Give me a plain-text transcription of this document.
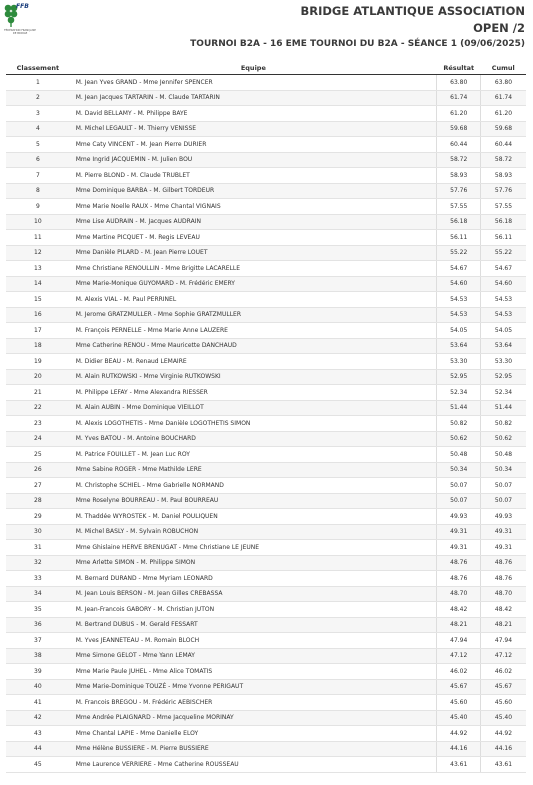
FFB
FÉDÉRATION FRANÇAISE DE BRIDGE
BRIDGE ATLANTIQUE ASSOCIATION
OPEN /2
TOURNOI B2A - 16 EME TOURNOI DU B2A - SÉANCE 1 (09/06/2025)
Classement	Equipe	Résultat	Cumul
1	M. Jean Yves GRAND - Mme Jennifer SPENCER	63.80	63.80
2	M. Jean Jacques TARTARIN - M. Claude TARTARIN	61.74	61.74
3	M. David BELLAMY - M. Philippe BAYE	61.20	61.20
4	M. Michel LEGAULT - M. Thierry VENISSE	59.68	59.68
5	Mme Caty VINCENT - M. Jean Pierre DURIER	60.44	60.44
6	Mme Ingrid JACQUEMIN - M. Julien BOU	58.72	58.72
7	M. Pierre BLOND - M. Claude TRUBLET	58.93	58.93
8	Mme Dominique BARBA - M. Gilbert TORDEUR	57.76	57.76
9	Mme Marie Noelle RAUX - Mme Chantal VIGNAIS	57.55	57.55
10	Mme Lise AUDRAIN - M. Jacques AUDRAIN	56.18	56.18
11	Mme Martine PICQUET - M. Regis LEVEAU	56.11	56.11
12	Mme Danièle PILARD - M. Jean Pierre LOUET	55.22	55.22
13	Mme Christiane RENOULLIN - Mme Brigitte LACARELLE	54.67	54.67
14	Mme Marie-Monique GUYOMARD - M. Frédéric EMERY	54.60	54.60
15	M. Alexis VIAL - M. Paul PERRINEL	54.53	54.53
16	M. Jerome GRATZMULLER - Mme Sophie GRATZMULLER	54.53	54.53
17	M. François PERNELLE - Mme Marie Anne LAUZERE	54.05	54.05
18	Mme Catherine RENOU - Mme Mauricette DANCHAUD	53.64	53.64
19	M. Didier BEAU - M. Renaud LEMAIRE	53.30	53.30
20	M. Alain RUTKOWSKI - Mme Virginie RUTKOWSKI	52.95	52.95
21	M. Philippe LEFAY - Mme Alexandra RIESSER	52.34	52.34
22	M. Alain AUBIN - Mme Dominique VIEILLOT	51.44	51.44
23	M. Alexis LOGOTHETIS - Mme Danièle LOGOTHETIS SIMON	50.82	50.82
24	M. Yves BATOU - M. Antoine BOUCHARD	50.62	50.62
25	M. Patrice FOUILLET - M. Jean Luc ROY	50.48	50.48
26	Mme Sabine ROGER - Mme Mathilde LERE	50.34	50.34
27	M. Christophe SCHIEL - Mme Gabrielle NORMAND	50.07	50.07
28	Mme Roselyne BOURREAU - M. Paul BOURREAU	50.07	50.07
29	M. Thaddée WYROSTEK - M. Daniel POULIQUEN	49.93	49.93
30	M. Michel BASLY - M. Sylvain ROBUCHON	49.31	49.31
31	Mme Ghislaine HERVE BRENUGAT - Mme Christiane LE JEUNE	49.31	49.31
32	Mme Arlette SIMON - M. Philippe SIMON	48.76	48.76
33	M. Bernard DURAND - Mme Myriam LEONARD	48.76	48.76
34	M. Jean Louis BERSON - M. Jean Gilles CREBASSA	48.70	48.70
35	M. Jean-Francois GABORY - M. Christian JUTON	48.42	48.42
36	M. Bertrand DUBUS - M. Gerald FESSART	48.21	48.21
37	M. Yves JEANNETEAU - M. Romain BLOCH	47.94	47.94
38	Mme Simone GELOT - Mme Yann LEMAY	47.12	47.12
39	Mme Marie Paule JUHEL - Mme Alice TOMATIS	46.02	46.02
40	Mme Marie-Dominique TOUZÉ - Mme Yvonne PERIGAUT	45.67	45.67
41	M. Francois BREGOU - M. Frédéric AEBISCHER	45.60	45.60
42	Mme Andrée PLAIGNARD - Mme Jacqueline MORINAY	45.40	45.40
43	Mme Chantal LAPIE - Mme Danielle ELOY	44.92	44.92
44	Mme Hélène BUSSIERE - M. Pierre BUSSIERE	44.16	44.16
45	Mme Laurence VERRIERE - Mme Catherine ROUSSEAU	43.61	43.61
